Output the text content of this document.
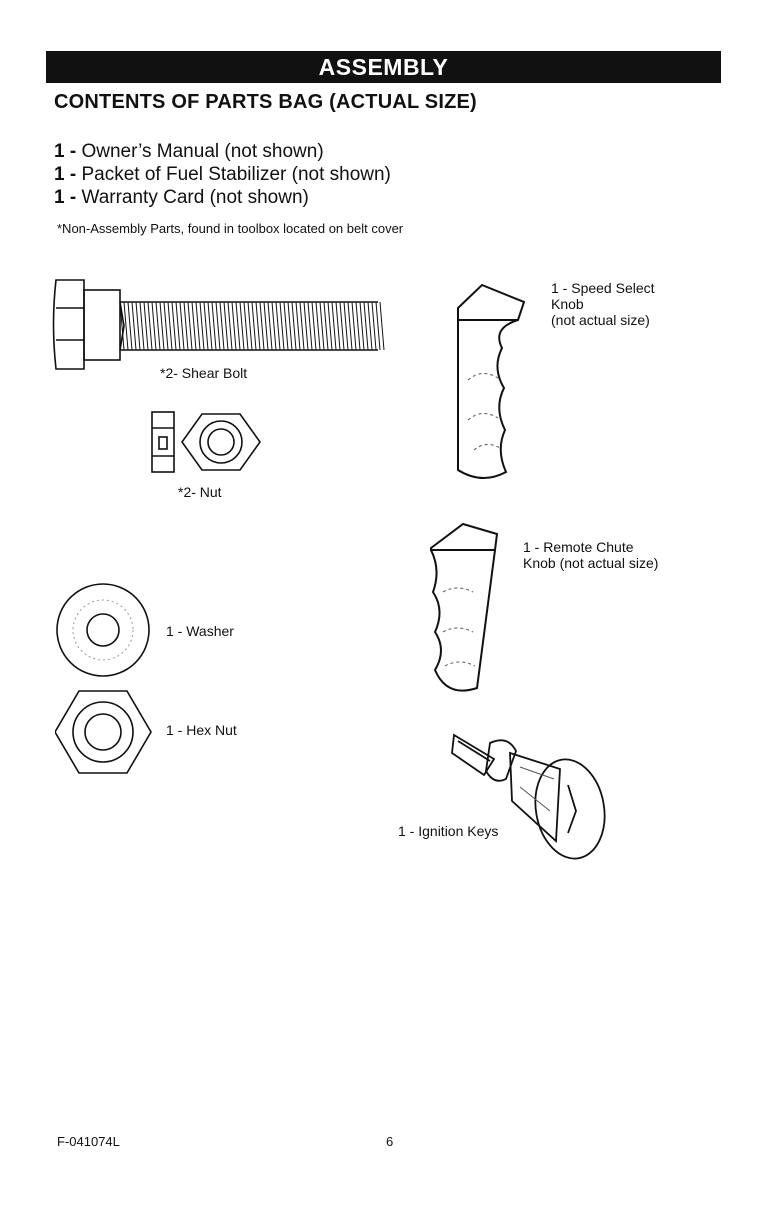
ASSEMBLY
CONTENTS OF PARTS BAG (ACTUAL SIZE)
1 - Owner’s Manual (not shown)
1 - Packet of Fuel Stabilizer (not shown)
1 - Warranty Card (not shown)
*Non-Assembly Parts, found in toolbox located on belt cover
*2- Shear Bolt
*2- Nut
1 - Washer
1 - Hex Nut
1 - Speed Select
Knob
(not actual size)
1 - Remote Chute
Knob (not actual size)
1 - Ignition Keys
F-041074L	6
